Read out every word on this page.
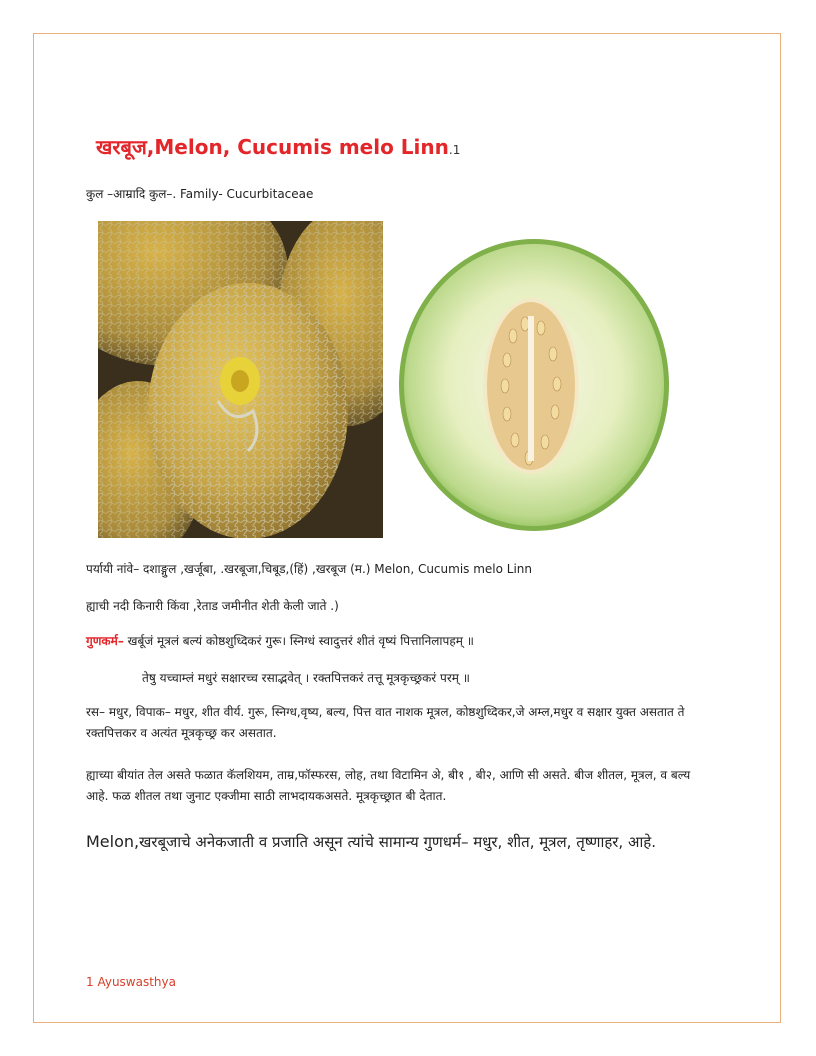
खरबूज,Melon, Cucumis melo Linn.1
कुल –आम्रादि कुल–. Family- Cucurbitaceae
पर्यायी नांवे– दशाङ्गुल ,खर्जूबा, .खरबूजा,चिबूड,(हिं) ,खरबूज (म.) Melon, Cucumis melo Linn
ह्याची नदी किनारी किंवा ,रेताड जमीनीत शेती केली जाते .)
गुणकर्म– खर्बूजं मूत्रलं बल्यं कोष्ठशुध्दिकरं गुरू। स्निग्धं स्वादुत्तरं शीतं वृष्यं पित्तानिलापहम् ॥
तेषु यच्चाम्लं मधुरं सक्षारच्च रसाद्भवेत् । रक्तपित्तकरं तत्तू मूत्रकृच्छ्रकरं परम् ॥
रस– मधुर, विपाक– मधुर, शीत वीर्य. गुरू, स्निग्ध,वृष्य, बल्य, पित्त वात नाशक मूत्रल, कोष्ठशुध्दिकर,जे अम्ल,मधुर व सक्षार युक्त असतात ते रक्तपित्तकर व अत्यंत मूत्रकृच्छ्र कर असतात.
ह्याच्या बीयांत तेल असते फळात कॅलशियम, ताम्र,फॉस्फरस, लोह, तथा विटामिन अे, बी१ , बी२, आणि सी असते. बीज शीतल, मूत्रल, व बल्य आहे. फळ शीतल तथा जुनाट एक्जीमा साठी लाभदायकअसते. मूत्रकृच्छ्रात बी देतात.
Melon,खरबूजाचे अनेकजाती व प्रजाति असून त्यांचे सामान्य गुणधर्म– मधुर, शीत, मूत्रल, तृष्णाहर, आहे.
1 Ayuswasthya
